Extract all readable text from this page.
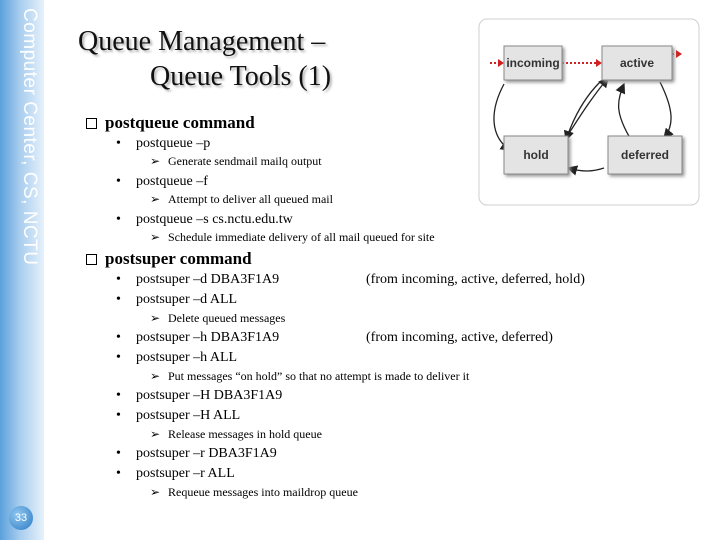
Computer Center, CS, NCTU
33
Queue Management –
Queue Tools (1)	incoming	active
hold	deferred
postqueue command
• postqueue –p
➢ Generate sendmail mailq output
• postqueue –f
➢ Attempt to deliver all queued mail
• postqueue –s cs.nctu.edu.tw
➢ Schedule immediate delivery of all mail queued for site
postsuper command
• postsuper –d DBA3F1A9	(from incoming, active, deferred, hold)
• postsuper –d ALL
➢ Delete queued messages
• postsuper –h DBA3F1A9	(from incoming, active, deferred)
• postsuper –h ALL
➢ Put messages “on hold” so that no attempt is made to deliver it
• postsuper –H DBA3F1A9
• postsuper –H ALL
➢ Release messages in hold queue
• postsuper –r DBA3F1A9
• postsuper –r ALL
➢ Requeue messages into maildrop queue
